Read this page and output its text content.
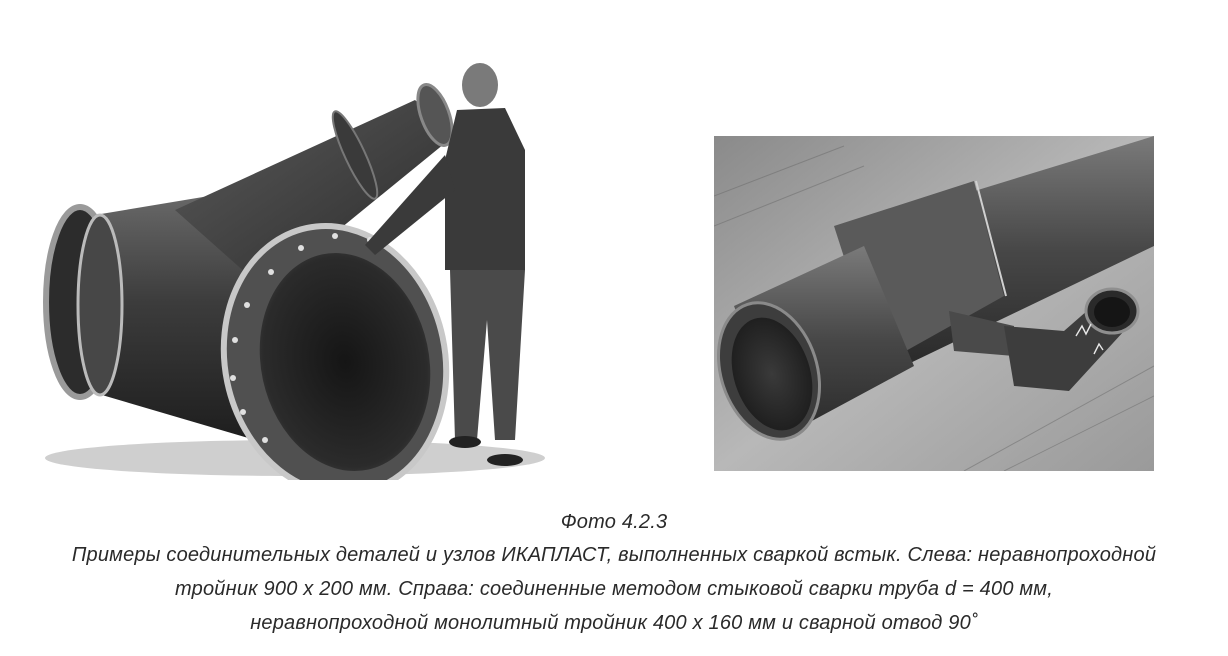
Фото 4.2.3
Примеры соединительных деталей и узлов ИКАПЛАСТ, выполненных сваркой встык. Слева: неравнопроходной
тройник 900 х 200 мм. Справа: соединенные методом стыковой сварки труба d = 400 мм,
неравнопроходной монолитный тройник 400 х 160 мм и сварной отвод 90˚
